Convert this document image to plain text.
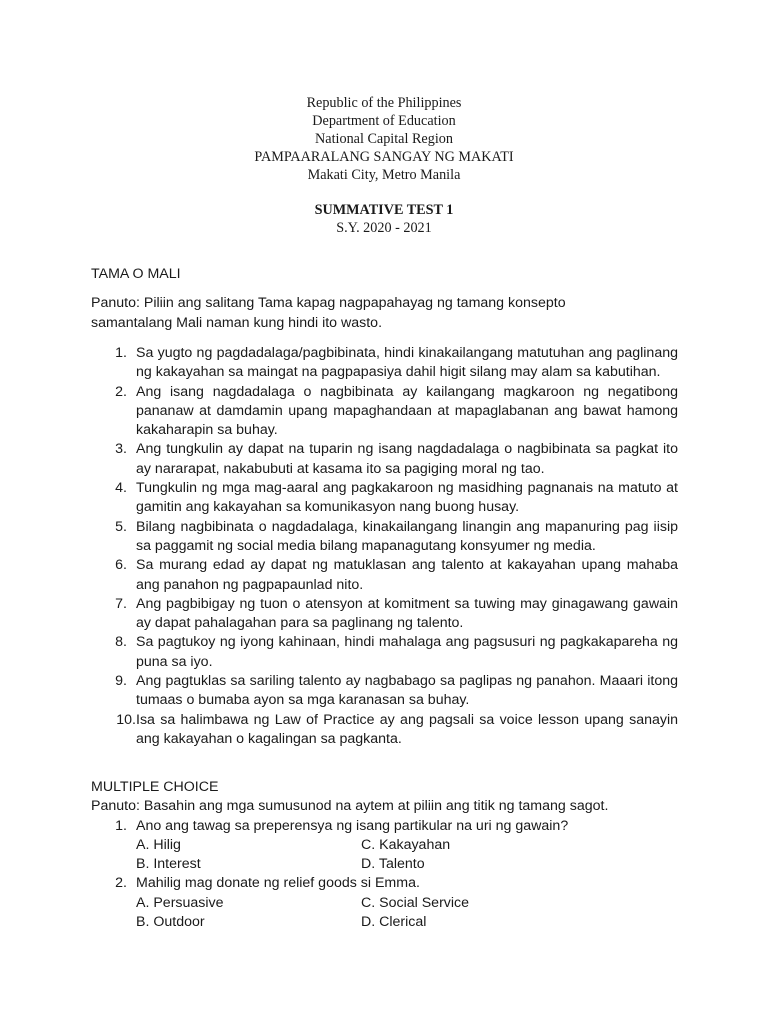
Republic of the Philippines
Department of Education
National Capital Region
PAMPAARALANG SANGAY NG MAKATI
Makati City, Metro Manila
SUMMATIVE TEST 1
S.Y. 2020 - 2021
TAMA O MALI
Panuto: Piliin ang salitang Tama kapag nagpapahayag ng tamang konsepto
samantalang Mali naman kung hindi ito wasto.
1. Sa yugto ng pagdadalaga/pagbibinata, hindi kinakailangang matutuhan ang paglinang ng kakayahan sa maingat na pagpapasiya dahil higit silang may alam sa kabutihan.
2. Ang isang nagdadalaga o nagbibinata ay kailangang magkaroon ng negatibong pananaw at damdamin upang mapaghandaan at mapaglabanan ang bawat hamong kakaharapin sa buhay.
3. Ang tungkulin ay dapat na tuparin ng isang nagdadalaga o nagbibinata sa pagkat ito ay nararapat, nakabubuti at kasama ito sa pagiging moral ng tao.
4. Tungkulin ng mga mag-aaral ang pagkakaroon ng masidhing pagnanais na matuto at gamitin ang kakayahan sa komunikasyon nang buong husay.
5. Bilang nagbibinata o nagdadalaga, kinakailangang linangin ang mapanuring pag iisip sa paggamit ng social media bilang mapanagutang konsyumer ng media.
6. Sa murang edad ay dapat ng matuklasan ang talento at kakayahan upang mahaba ang panahon ng pagpapaunlad nito.
7. Ang pagbibigay ng tuon o atensyon at komitment sa tuwing may ginagawang gawain ay dapat pahalagahan para sa paglinang ng talento.
8. Sa pagtukoy ng iyong kahinaan, hindi mahalaga ang pagsusuri ng pagkakapareha ng puna sa iyo.
9. Ang pagtuklas sa sariling talento ay nagbabago sa paglipas ng panahon. Maaari itong tumaas o bumaba ayon sa mga karanasan sa buhay.
10. Isa sa halimbawa ng Law of Practice ay ang pagsali sa voice lesson upang sanayin ang kakayahan o kagalingan sa pagkanta.
MULTIPLE CHOICE
Panuto: Basahin ang mga sumusunod na aytem at piliin ang titik ng tamang sagot.
1. Ano ang tawag sa preperensya ng isang partikular na uri ng gawain?
A. Hilig	C. Kakayahan
B. Interest	D. Talento
2. Mahilig mag donate ng relief goods si Emma.
A. Persuasive	C. Social Service
B. Outdoor	D. Clerical
